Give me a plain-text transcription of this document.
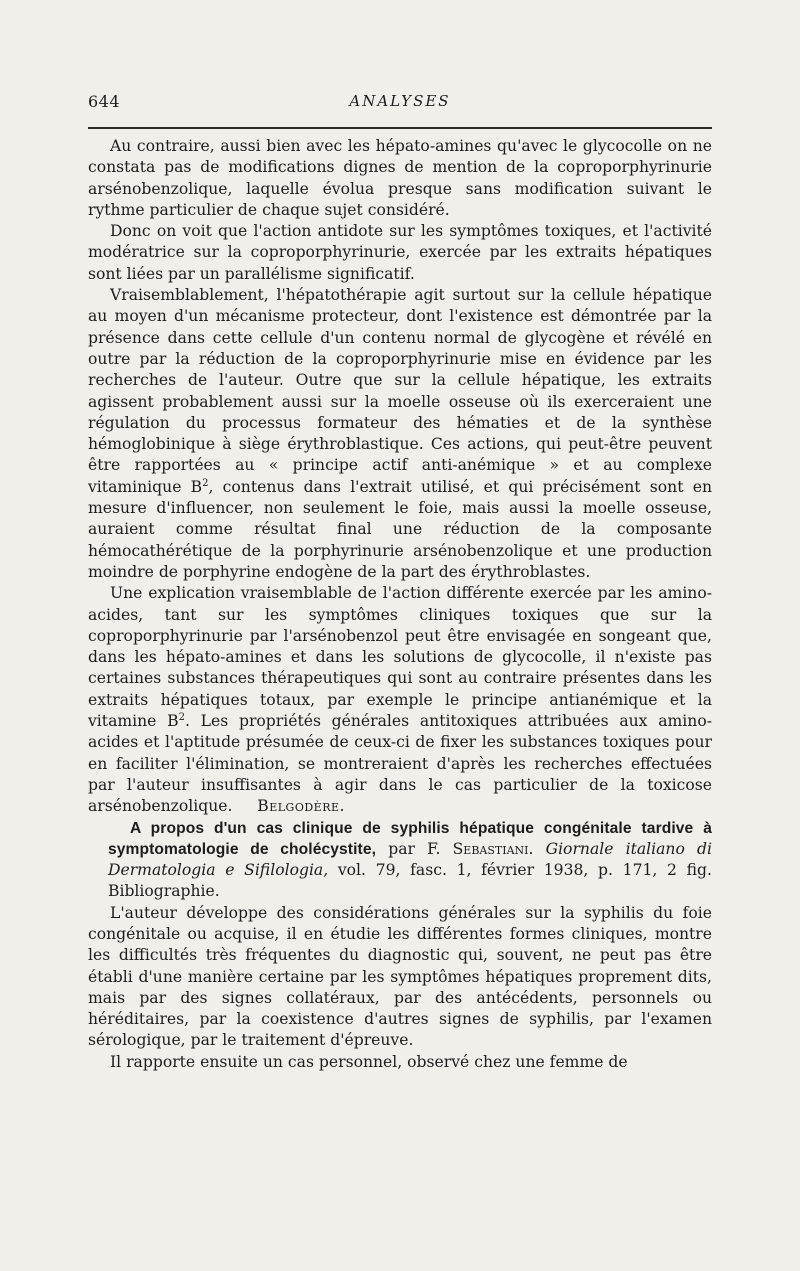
644	ANALYSES

Au contraire, aussi bien avec les hépato-amines qu'avec le glycocolle on ne constata pas de modifications dignes de mention de la coproporphyrinurie arsénobenzolique, laquelle évolua presque sans modification suivant le rythme particulier de chaque sujet considéré.

Donc on voit que l'action antidote sur les symptômes toxiques, et l'activité modératrice sur la coproporphyrinurie, exercée par les extraits hépatiques sont liées par un parallélisme significatif.

Vraisemblablement, l'hépatothérapie agit surtout sur la cellule hépatique au moyen d'un mécanisme protecteur, dont l'existence est démontrée par la présence dans cette cellule d'un contenu normal de glycogène et révélé en outre par la réduction de la coproporphyrinurie mise en évidence par les recherches de l'auteur. Outre que sur la cellule hépatique, les extraits agissent probablement aussi sur la moelle osseuse où ils exerceraient une régulation du processus formateur des hématies et de la synthèse hémoglobinique à siège érythroblastique. Ces actions, qui peut-être peuvent être rapportées au « principe actif anti-anémique » et au complexe vitaminique $B^2$, contenus dans l'extrait utilisé, et qui précisément sont en mesure d'influencer, non seulement le foie, mais aussi la moelle osseuse, auraient comme résultat final une réduction de la composante hémocathérétique de la porphyrinurie arsénobenzolique et une production moindre de porphyrine endogène de la part des érythroblastes.

Une explication vraisemblable de l'action différente exercée par les amino-acides, tant sur les symptômes cliniques toxiques que sur la coproporphyrinurie par l'arsénobenzol peut être envisagée en songeant que, dans les hépato-amines et dans les solutions de glycocolle, il n'existe pas certaines substances thérapeutiques qui sont au contraire présentes dans les extraits hépatiques totaux, par exemple le principe antianémique et la vitamine $B^2$. Les propriétés générales antitoxiques attribuées aux amino-acides et l'aptitude présumée de ceux-ci de fixer les substances toxiques pour en faciliter l'élimination, se montreraient d'après les recherches effectuées par l'auteur insuffisantes à agir dans le cas particulier de la toxicose arsénobenzolique. Belgodère.

A propos d'un cas clinique de syphilis hépatique congénitale tardive à symptomatologie de cholécystite, par F. Sebastiani. Giornale italiano di Dermatologia e Sifilologia, vol. 79, fasc. 1, février 1938, p. 171, 2 fig. Bibliographie.

L'auteur développe des considérations générales sur la syphilis du foie congénitale ou acquise, il en étudie les différentes formes cliniques, montre les difficultés très fréquentes du diagnostic qui, souvent, ne peut pas être établi d'une manière certaine par les symptômes hépatiques proprement dits, mais par des signes collatéraux, par des antécédents, personnels ou héréditaires, par la coexistence d'autres signes de syphilis, par l'examen sérologique, par le traitement d'épreuve.

Il rapporte ensuite un cas personnel, observé chez une femme de
